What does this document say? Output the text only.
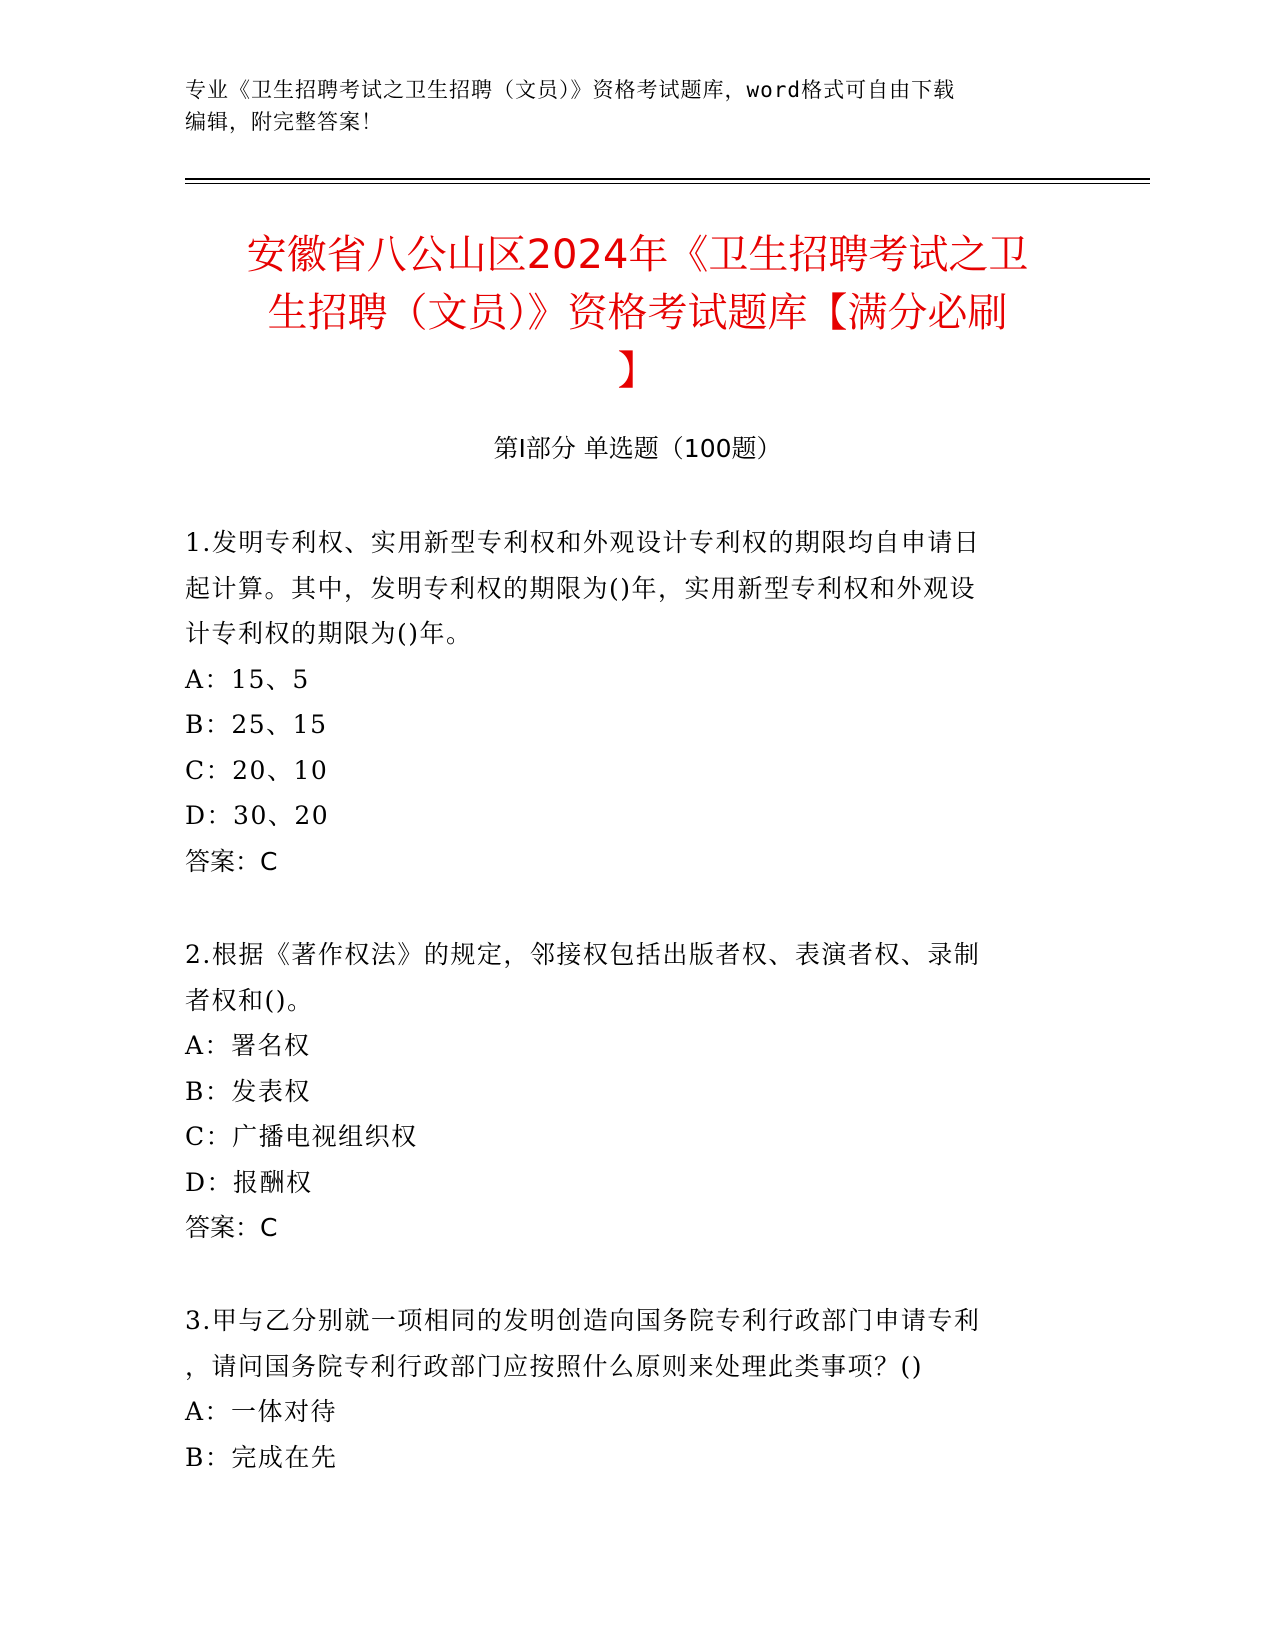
专业《卫生招聘考试之卫生招聘（文员）》资格考试题库，word格式可自由下载
编辑，附完整答案！
安徽省八公山区2024年《卫生招聘考试之卫
生招聘（文员）》资格考试题库【满分必刷
】
第Ⅰ部分 单选题（100题）

1.发明专利权、实用新型专利权和外观设计专利权的期限均自申请日

起计算。其中，发明专利权的期限为()年，实用新型专利权和外观设

计专利权的期限为()年。

A：15、5

B：25、15

C：20、10

D：30、20

答案：C

2.根据《著作权法》的规定，邻接权包括出版者权、表演者权、录制

者权和()。

A：署名权

B：发表权

C：广播电视组织权

D：报酬权

答案：C

3.甲与乙分别就一项相同的发明创造向国务院专利行政部门申请专利

，请问国务院专利行政部门应按照什么原则来处理此类事项？()

A：一体对待

B：完成在先
